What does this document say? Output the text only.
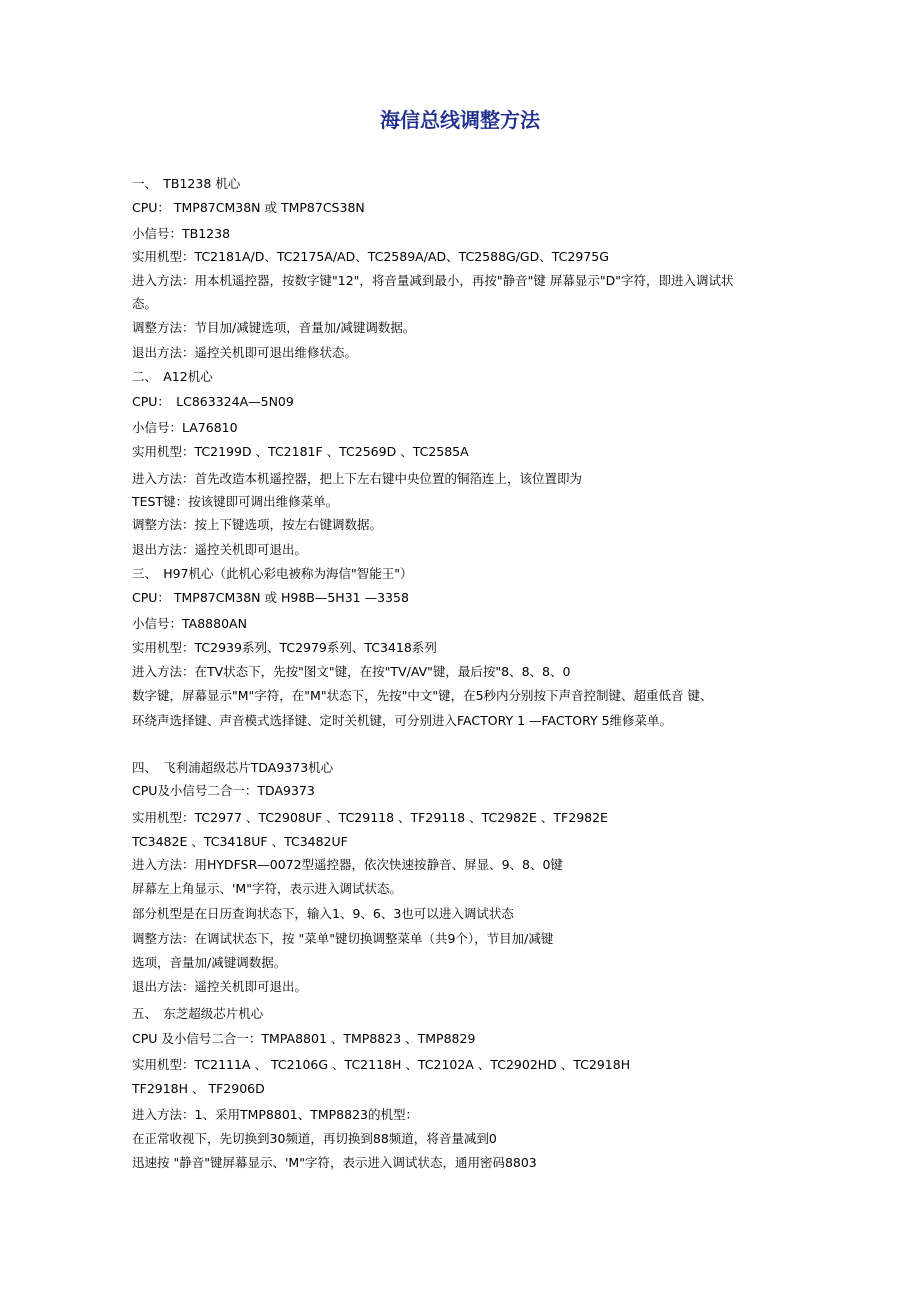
海信总线调整方法
一、　TB1238 机心
CPU： TMP87CM38N 或 TMP87CS38N
小信号：TB1238
实用机型：TC2181A/D、TC2175A/AD、TC2589A/AD、TC2588G/GD、TC2975G
进入方法：用本机遥控器，按数字键"12"，将音量减到最小，再按"静音"键 屏幕显示"D"字符，即进入调试状
态。
调整方法：节目加/减键选项，音量加/减键调数据。
退出方法：遥控关机即可退出维修状态。
二、　A12机心
CPU：　LC863324A—5N09
小信号：LA76810
实用机型：TC2199D 、TC2181F 、TC2569D 、TC2585A
进入方法：首先改造本机遥控器，把上下左右键中央位置的铜箔连上，该位置即为
TEST键：按该键即可调出维修菜单。
调整方法：按上下键选项，按左右键调数据。
退出方法：遥控关机即可退出。
三、　H97机心（此机心彩电被称为海信"智能王"）
CPU： TMP87CM38N 或 H98B—5H31 —3358
小信号：TA8880AN
实用机型：TC2939系列、TC2979系列、TC3418系列
进入方法：在TV状态下，先按"图文"键，在按"TV/AV"键，最后按"8、8、8、0
数字键，屏幕显示"M"字符，在"M"状态下，先按"中文"键，在5秒内分别按下声音控制键、超重低音 键、
环绕声选择键、声音模式选择键、定时关机键，可分别进入FACTORY 1 —FACTORY 5维修菜单。
四、　飞利浦超级芯片TDA9373机心
CPU及小信号二合一：TDA9373
实用机型：TC2977 、TC2908UF 、TC29118 、TF29118 、TC2982E 、TF2982E
TC3482E 、TC3418UF 、TC3482UF
进入方法：用HYDFSR—0072型遥控器，依次快速按静音、屏显、9、8、0键
屏幕左上角显示、'M"字符，表示进入调试状态。
部分机型是在日历查询状态下，输入1、9、6、3也可以进入调试状态
调整方法：在调试状态下，按 "菜单"键切换调整菜单（共9个），节目加/减键
选项，音量加/减键调数据。
退出方法：遥控关机即可退出。
五、　东芝超级芯片机心
CPU 及小信号二合一：TMPA8801 、TMP8823 、TMP8829
实用机型：TC2111A 、 TC2106G 、TC2118H 、TC2102A 、TC2902HD 、TC2918H
TF2918H 、 TF2906D
进入方法：1、采用TMP8801、TMP8823的机型：
在正常收视下，先切换到30频道，再切换到88频道，将音量减到0
迅速按 "静音"键屏幕显示、'M"字符，表示进入调试状态，通用密码8803
